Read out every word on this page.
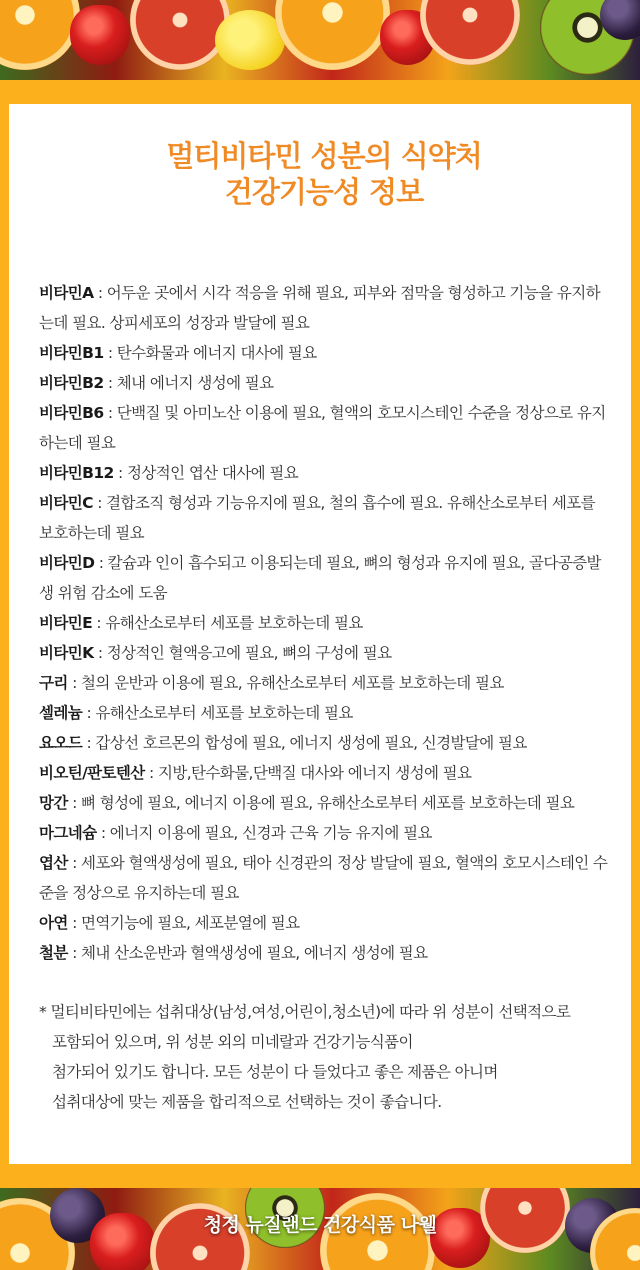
멀티비타민 성분의 식약처
건강기능성 정보
비타민A : 어두운 곳에서 시각 적응을 위해 필요, 피부와 점막을 형성하고 기능을 유지하는데 필요. 상피세포의 성장과 발달에 필요
비타민B1 : 탄수화물과 에너지 대사에 필요
비타민B2 : 체내 에너지 생성에 필요
비타민B6 : 단백질 및 아미노산 이용에 필요, 혈액의 호모시스테인 수준을 정상으로 유지하는데 필요
비타민B12 : 정상적인 엽산 대사에 필요
비타민C : 결합조직 형성과 기능유지에 필요, 철의 흡수에 필요. 유해산소로부터 세포를 보호하는데 필요
비타민D : 칼슘과 인이 흡수되고 이용되는데 필요, 뼈의 형성과 유지에 필요, 골다공증발생 위험 감소에 도움
비타민E : 유해산소로부터 세포를 보호하는데 필요
비타민K : 정상적인 혈액응고에 필요, 뼈의 구성에 필요
구리 : 철의 운반과 이용에 필요, 유해산소로부터 세포를 보호하는데 필요
셀레늄 : 유해산소로부터 세포를 보호하는데 필요
요오드 : 갑상선 호르몬의 합성에 필요, 에너지 생성에 필요, 신경발달에 필요
비오틴/판토텐산 : 지방,탄수화물,단백질 대사와 에너지 생성에 필요
망간 : 뼈 형성에 필요, 에너지 이용에 필요, 유해산소로부터 세포를 보호하는데 필요
마그네슘 : 에너지 이용에 필요, 신경과 근육 기능 유지에 필요
엽산 : 세포와 혈액생성에 필요, 태아 신경관의 정상 발달에 필요, 혈액의 호모시스테인 수준을 정상으로 유지하는데 필요
아연 : 면역기능에 필요, 세포분열에 필요
철분 : 체내 산소운반과 혈액생성에 필요, 에너지 생성에 필요
* 멀티비타민에는 섭취대상(남성,여성,어린이,청소년)에 따라 위 성분이 선택적으로
포함되어 있으며, 위 성분 외의 미네랄과 건강기능식품이
첨가되어 있기도 합니다. 모든 성분이 다 들었다고 좋은 제품은 아니며
섭취대상에 맞는 제품을 합리적으로 선택하는 것이 좋습니다.
청정 뉴질랜드 건강식품 나웰
